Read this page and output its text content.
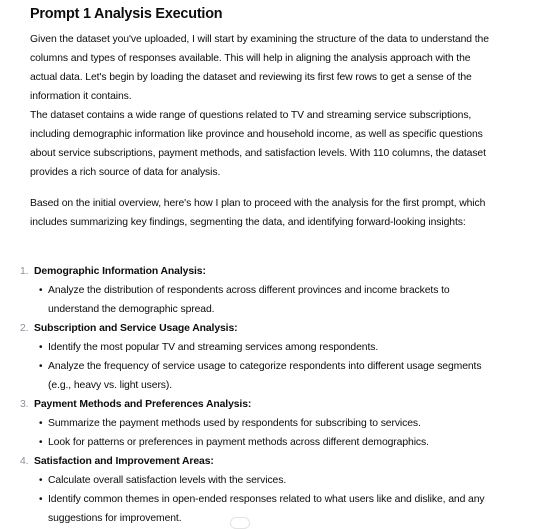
Prompt 1 Analysis Execution
Given the dataset you've uploaded, I will start by examining the structure of the data to understand the columns and types of responses available. This will help in aligning the analysis approach with the actual data. Let's begin by loading the dataset and reviewing its first few rows to get a sense of the information it contains.
The dataset contains a wide range of questions related to TV and streaming service subscriptions, including demographic information like province and household income, as well as specific questions about service subscriptions, payment methods, and satisfaction levels. With 110 columns, the dataset provides a rich source of data for analysis.
Based on the initial overview, here's how I plan to proceed with the analysis for the first prompt, which includes summarizing key findings, segmenting the data, and identifying forward-looking insights:
1. Demographic Information Analysis:
• Analyze the distribution of respondents across different provinces and income brackets to understand the demographic spread.
2. Subscription and Service Usage Analysis:
• Identify the most popular TV and streaming services among respondents.
• Analyze the frequency of service usage to categorize respondents into different usage segments (e.g., heavy vs. light users).
3. Payment Methods and Preferences Analysis:
• Summarize the payment methods used by respondents for subscribing to services.
• Look for patterns or preferences in payment methods across different demographics.
4. Satisfaction and Improvement Areas:
• Calculate overall satisfaction levels with the services.
• Identify common themes in open-ended responses related to what users like and dislike, and any suggestions for improvement.
